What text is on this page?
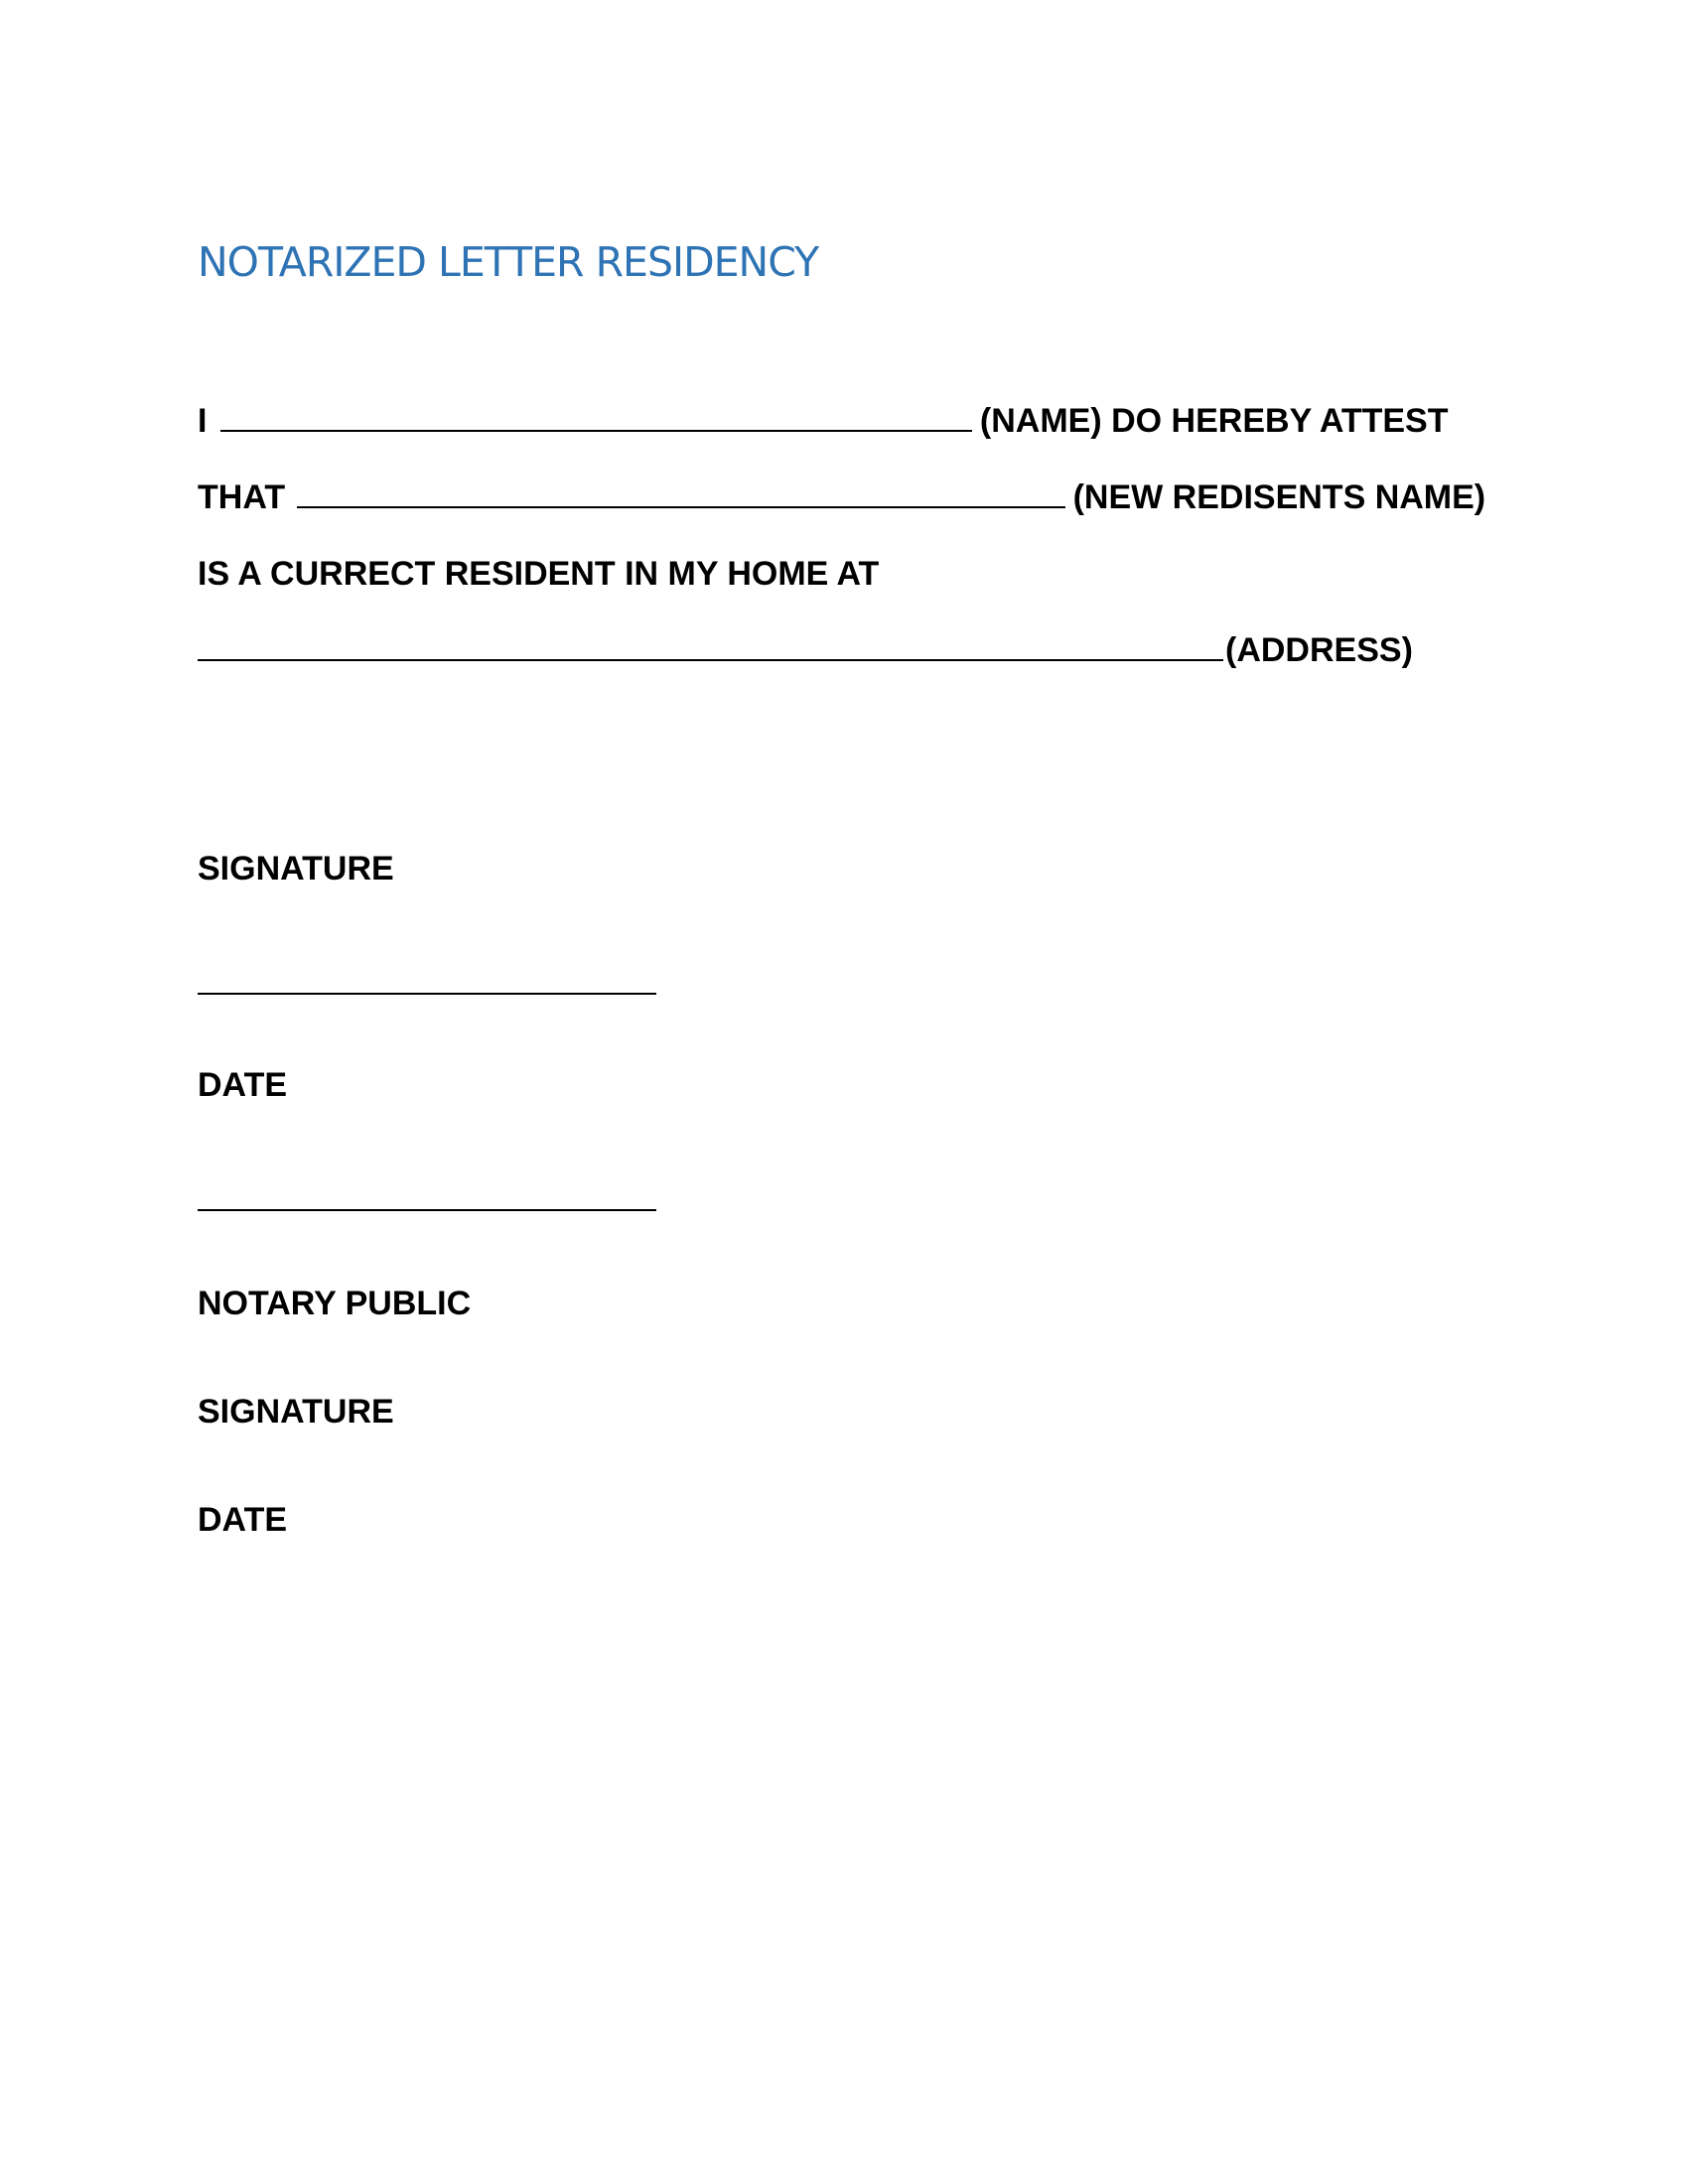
NOTARIZED LETTER RESIDENCY
I	(NAME) DO HEREBY ATTEST
THAT	(NEW REDISENTS NAME)
IS A CURRECT RESIDENT IN MY HOME AT
(ADDRESS)
SIGNATURE
DATE
NOTARY PUBLIC
SIGNATURE
DATE
